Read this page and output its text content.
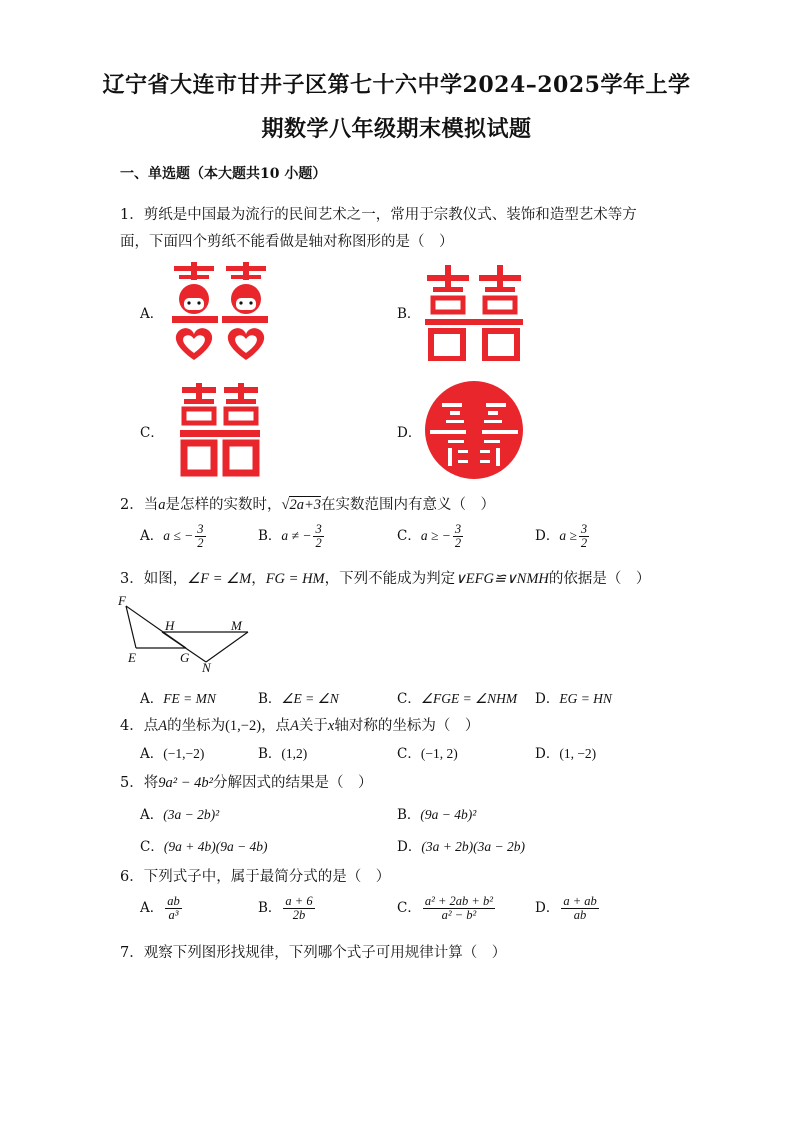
辽宁省大连市甘井子区第七十六中学2024–2025学年上学
期数学八年级期末模拟试题
一、单选题（本大题共10 小题）
1．剪纸是中国最为流行的民间艺术之一，常用于宗教仪式、装饰和造型艺术等方
面，下面四个剪纸不能看做是轴对称图形的是（　）
A．	B．
C．	D．
2．当a是怎样的实数时，√2a+3在实数范围内有意义（　）
A．a ≤ − $\frac{3}{2}$	B．a ≠ − $\frac{3}{2}$	C．a ≥ − $\frac{3}{2}$	D．$a \ge \frac{3}{2}$
3．如图，∠F = ∠M，FG = HM，下列不能成为判定∨EFG≌∨NMH的依据是（　）
F
H	M
E	G
N
A．FE = MN	B．∠E = ∠N	C．∠FGE = ∠NHM D．EG = HN
4．点A的坐标为(1,−2)，点A关于x轴对称的坐标为（　）
A．(−1,−2)	B．(1,2)	C．(−1, 2)	D．(1, −2)
5．将9a² − 4b²分解因式的结果是（　）
A．(3a − 2b)²	B．(9a − 4b)²
C．(9a + 4b)(9a − 4b)	D．(3a + 2b)(3a − 2b)
6．下列式子中，属于最简分式的是（　）
A． $\frac{ab}{\text{a³}}$	B． $\frac{a + 6}{2b}$	C． $\frac{\text{a² + 2ab + b²}}{\text{a² − b²}}$	D． $\frac{a + ab}{ab}$
7．观察下列图形找规律，下列哪个式子可用规律计算（　）
